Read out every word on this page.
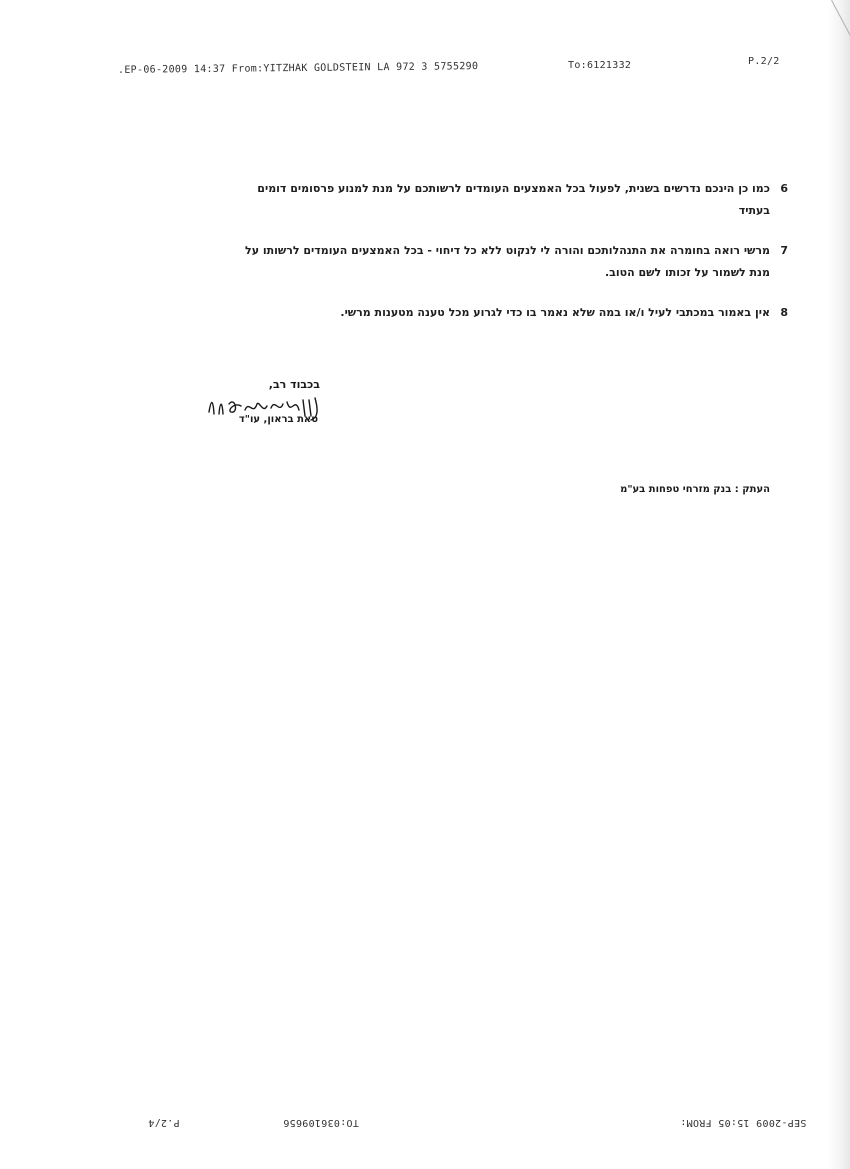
.EP-06-2009 14:37 From:YITZHAK GOLDSTEIN LA 972 3 5755290	To:6121332	P.2/2
6
כמו כן הינכם נדרשים בשנית, לפעול בכל האמצעים העומדים לרשותכם על מנת למנוע פרסומים דומים
בעתיד
7
מרשי רואה בחומרה את התנהלותכם והורה לי לנקוט ללא כל דיחוי - בכל האמצעים העומדים לרשותו על
מנת לשמור על זכותו לשם הטוב.
8
אין באמור במכתבי לעיל ו/או במה שלא נאמר בו כדי לגרוע מכל טענה מטענות מרשי.
בכבוד רב,
טאת בראון, עו"ד
העתק : בנק מזרחי טפחות בע"מ
P.2/4	TO:036109656	SEP-2009 15:05 FROM:
